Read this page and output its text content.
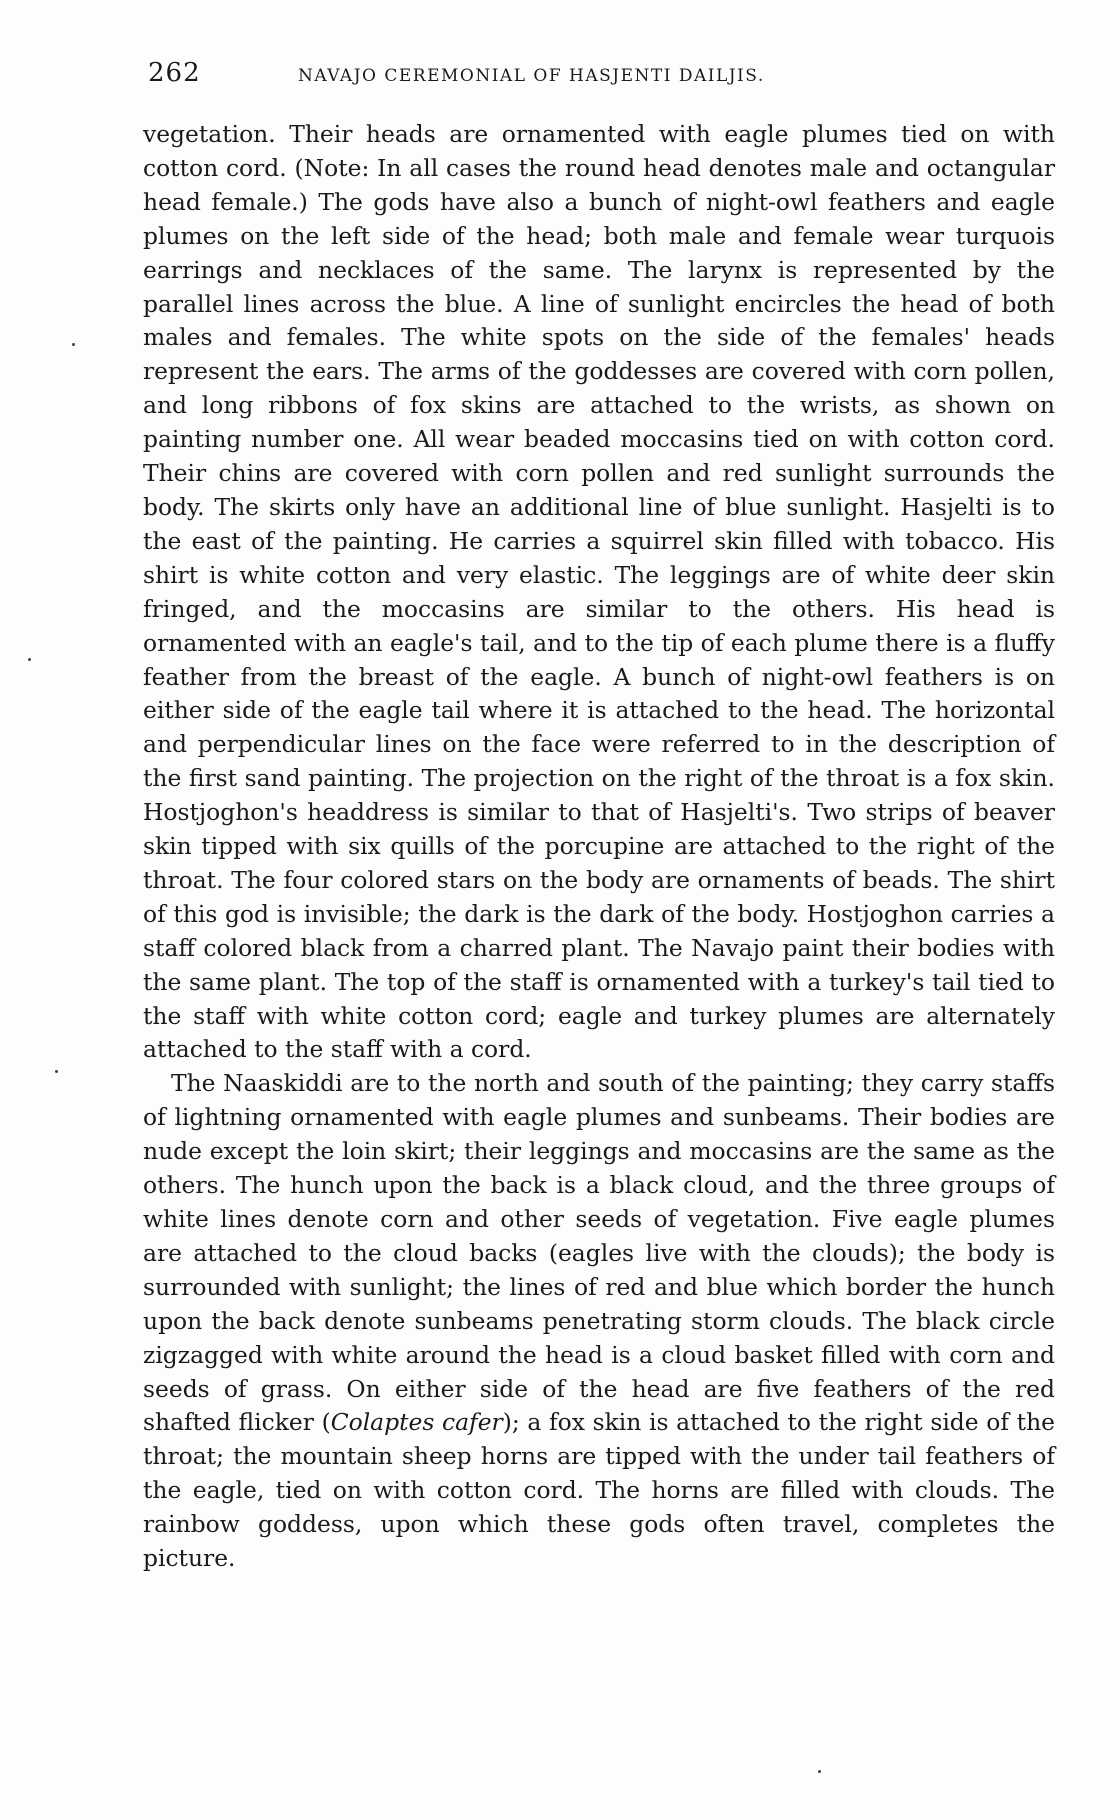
262	NAVAJO CEREMONIAL OF HASJENTI DAILJIS.

vegetation. Their heads are ornamented with eagle plumes tied on with cotton cord. (Note: In all cases the round head denotes male and octangular head female.) The gods have also a bunch of night-owl feathers and eagle plumes on the left side of the head; both male and female wear turquois earrings and necklaces of the same. The larynx is represented by the parallel lines across the blue. A line of sunlight encircles the head of both males and females. The white spots on the side of the females' heads represent the ears. The arms of the goddesses are covered with corn pollen, and long ribbons of fox skins are attached to the wrists, as shown on painting number one. All wear beaded moccasins tied on with cotton cord. Their chins are covered with corn pollen and red sunlight surrounds the body. The skirts only have an additional line of blue sunlight. Hasjelti is to the east of the painting. He carries a squirrel skin filled with tobacco. His shirt is white cotton and very elastic. The leggings are of white deer skin fringed, and the moccasins are similar to the others. His head is ornamented with an eagle's tail, and to the tip of each plume there is a fluffy feather from the breast of the eagle. A bunch of night-owl feathers is on either side of the eagle tail where it is attached to the head. The horizontal and perpendicular lines on the face were referred to in the description of the first sand painting. The projection on the right of the throat is a fox skin. Hostjoghon's headdress is similar to that of Hasjelti's. Two strips of beaver skin tipped with six quills of the porcupine are attached to the right of the throat. The four colored stars on the body are ornaments of beads. The shirt of this god is invisible; the dark is the dark of the body. Hostjoghon carries a staff colored black from a charred plant. The Navajo paint their bodies with the same plant. The top of the staff is ornamented with a turkey's tail tied to the staff with white cotton cord; eagle and turkey plumes are alternately attached to the staff with a cord.

The Naaskiddi are to the north and south of the painting; they carry staffs of lightning ornamented with eagle plumes and sunbeams. Their bodies are nude except the loin skirt; their leggings and moccasins are the same as the others. The hunch upon the back is a black cloud, and the three groups of white lines denote corn and other seeds of vegetation. Five eagle plumes are attached to the cloud backs (eagles live with the clouds); the body is surrounded with sunlight; the lines of red and blue which border the hunch upon the back denote sunbeams penetrating storm clouds. The black circle zigzagged with white around the head is a cloud basket filled with corn and seeds of grass. On either side of the head are five feathers of the red shafted flicker (Colaptes cafer); a fox skin is attached to the right side of the throat; the mountain sheep horns are tipped with the under tail feathers of the eagle, tied on with cotton cord. The horns are filled with clouds. The rainbow goddess, upon which these gods often travel, completes the picture.
